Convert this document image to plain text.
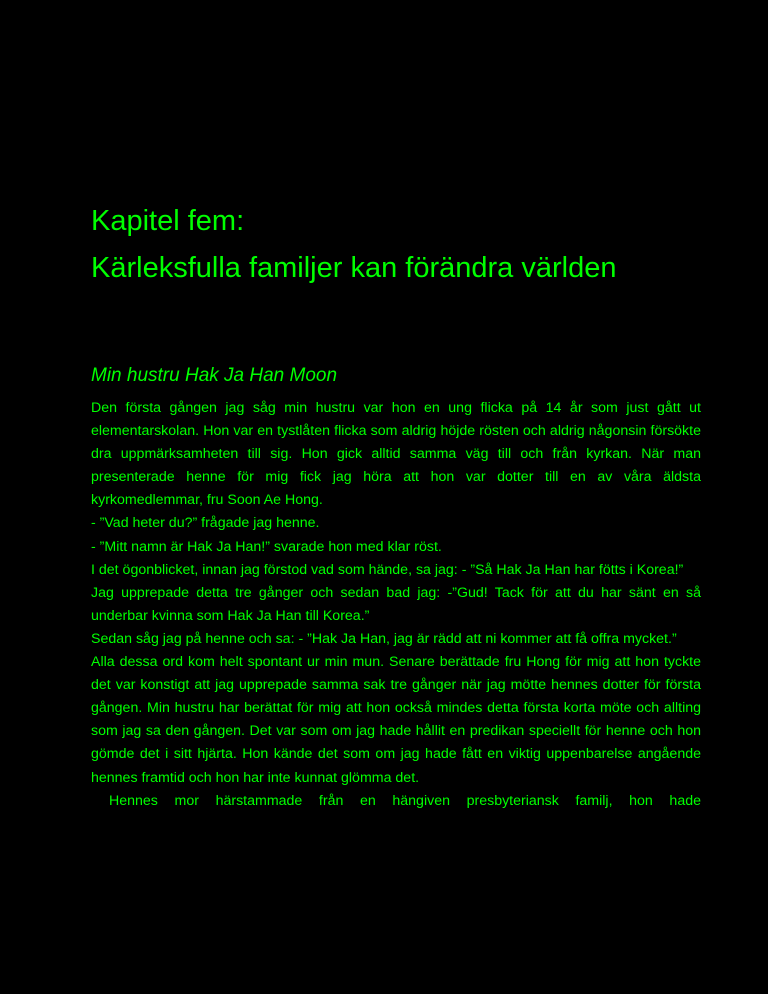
Kapitel fem:
Kärleksfulla familjer kan förändra världen
Min hustru Hak Ja Han Moon

Den första gången jag såg min hustru var hon en ung flicka på 14 år som just gått ut elementarskolan. Hon var en tystlåten flicka som aldrig höjde rösten och aldrig någonsin försökte dra uppmärksamheten till sig. Hon gick alltid samma väg till och från kyrkan. När man presenterade henne för mig fick jag höra att hon var dotter till en av våra äldsta kyrkomedlemmar, fru Soon Ae Hong.

- ”Vad heter du?” frågade jag henne.

- ”Mitt namn är Hak Ja Han!” svarade hon med klar röst.

I det ögonblicket, innan jag förstod vad som hände, sa jag: - ”Så Hak Ja Han har fötts i Korea!”

Jag upprepade detta tre gånger och sedan bad jag: -”Gud! Tack för att du har sänt en så underbar kvinna som Hak Ja Han till Korea.”

Sedan såg jag på henne och sa: - ”Hak Ja Han, jag är rädd att ni kommer att få offra mycket.”

Alla dessa ord kom helt spontant ur min mun. Senare berättade fru Hong för mig att hon tyckte det var konstigt att jag upprepade samma sak tre gånger när jag mötte hennes dotter för första gången. Min hustru har berättat för mig att hon också mindes detta första korta möte och allting som jag sa den gången. Det var som om jag hade hållit en predikan speciellt för henne och hon gömde det i sitt hjärta. Hon kände det som om jag hade fått en viktig uppenbarelse angående hennes framtid och hon har inte kunnat glömma det.

Hennes mor härstammade från en hängiven presbyteriansk familj, hon hade
